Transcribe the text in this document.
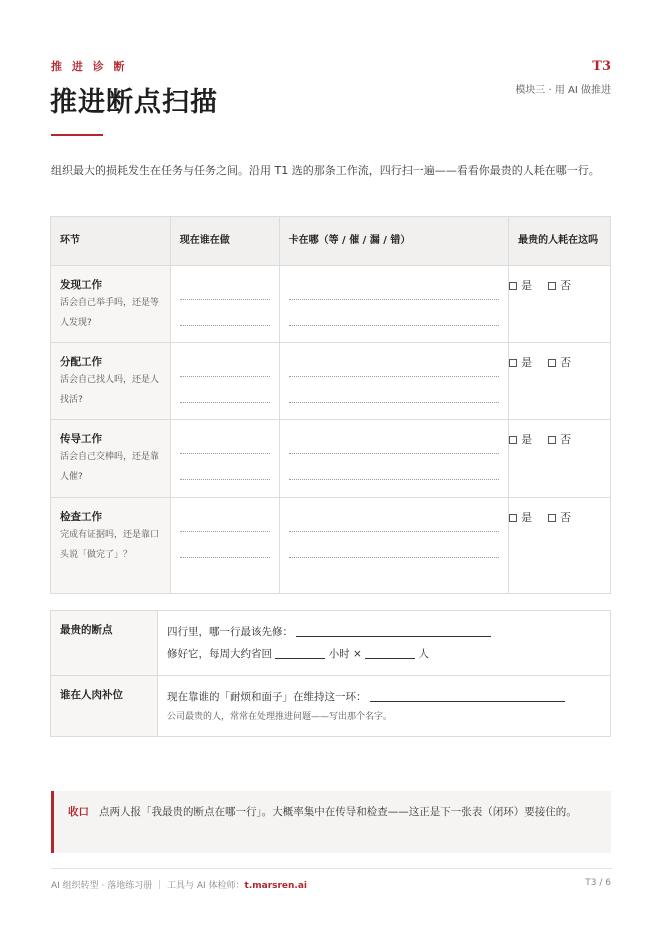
推 进 诊 断
推进断点扫描
T3
模块三 · 用 AI 做推进

组织最大的损耗发生在任务与任务之间。沿用 T1 选的那条工作流，四行扫一遍——看看你最贵的人耗在哪一行。

环节	现在谁在做	卡在哪（等 / 催 / 漏 / 错）	最贵的人耗在这吗

发现工作
活会自己举手吗，还是等人发现?			是 否

分配工作
活会自己找人吗，还是人找活?			是 否

传导工作
活会自己交棒吗，还是靠人催?			是 否

检查工作
完成有证据吗，还是靠口头说「做完了」？			是 否
最贵的断点	四行里，哪一行最该先修：
修好它，每周大约省回 小时 × 人

谁在人肉补位	现在靠谁的「耐烦和面子」在维持这一环：
公司最贵的人，常常在处理推进问题——写出那个名字。
收口 点两人报「我最贵的断点在哪一行」。大概率集中在传导和检查——这正是下一张表（闭环）要接住的。
AI 组织转型 · 落地练习册 ｜ 工具与 AI 体检师：t.marsren.ai	T3 / 6
